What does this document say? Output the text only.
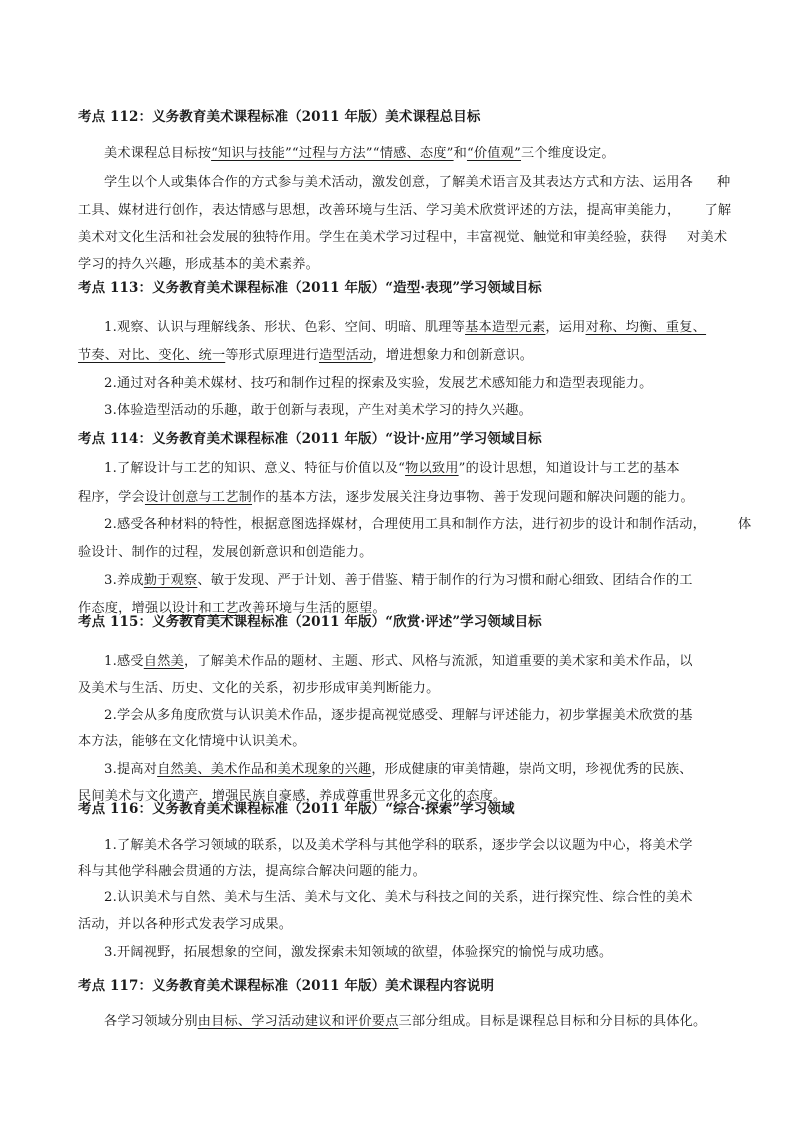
考点 112：义务教育美术课程标准（2011 年版）美术课程总目标
美术课程总目标按“知识与技能”“过程与方法”“情感、态度”和“价值观”三个维度设定。
学生以个人或集体合作的方式参与美术活动，激发创意，了解美术语言及其表达方式和方法、运用各 种
工具、媒材进行创作，表达情感与思想，改善环境与生活、学习美术欣赏评述的方法，提高审美能力， 了解
美术对文化生活和社会发展的独特作用。学生在美术学习过程中，丰富视觉、触觉和审美经验，获得 对美术
学习的持久兴趣，形成基本的美术素养。
考点 113：义务教育美术课程标准（2011 年版）“造型·表现”学习领域目标
1.观察、认识与理解线条、形状、色彩、空间、明暗、肌理等基本造型元素，运用对称、均衡、重复、
节奏、对比、变化、统一等形式原理进行造型活动，增进想象力和创新意识。
2.通过对各种美术媒材、技巧和制作过程的探索及实验，发展艺术感知能力和造型表现能力。
3.体验造型活动的乐趣，敢于创新与表现，产生对美术学习的持久兴趣。
考点 114：义务教育美术课程标准（2011 年版）“设计·应用”学习领域目标
1.了解设计与工艺的知识、意义、特征与价值以及“物以致用”的设计思想，知道设计与工艺的基本
程序，学会设计创意与工艺制作的基本方法，逐步发展关注身边事物、善于发现问题和解决问题的能力。
2.感受各种材料的特性，根据意图选择媒材，合理使用工具和制作方法，进行初步的设计和制作活动， 体
验设计、制作的过程，发展创新意识和创造能力。
3.养成勤于观察、敏于发现、严于计划、善于借鉴、精于制作的行为习惯和耐心细致、团结合作的工
作态度，增强以设计和工艺改善环境与生活的愿望。
考点 115：义务教育美术课程标准（2011 年版）“欣赏·评述”学习领域目标
1.感受自然美，了解美术作品的题材、主题、形式、风格与流派，知道重要的美术家和美术作品，以
及美术与生活、历史、文化的关系，初步形成审美判断能力。
2.学会从多角度欣赏与认识美术作品，逐步提高视觉感受、理解与评述能力，初步掌握美术欣赏的基
本方法，能够在文化情境中认识美术。
3.提高对自然美、美术作品和美术现象的兴趣，形成健康的审美情趣，崇尚文明，珍视优秀的民族、
民间美术与文化遗产，增强民族自豪感，养成尊重世界多元文化的态度。
考点 116：义务教育美术课程标准（2011 年版）“综合·探索”学习领域
1.了解美术各学习领域的联系，以及美术学科与其他学科的联系，逐步学会以议题为中心，将美术学
科与其他学科融会贯通的方法，提高综合解决问题的能力。
2.认识美术与自然、美术与生活、美术与文化、美术与科技之间的关系，进行探究性、综合性的美术
活动，并以各种形式发表学习成果。
3.开阔视野，拓展想象的空间，激发探索未知领域的欲望，体验探究的愉悦与成功感。
考点 117：义务教育美术课程标准（2011 年版）美术课程内容说明
各学习领域分别由目标、学习活动建议和评价要点三部分组成。目标是课程总目标和分目标的具体化。
